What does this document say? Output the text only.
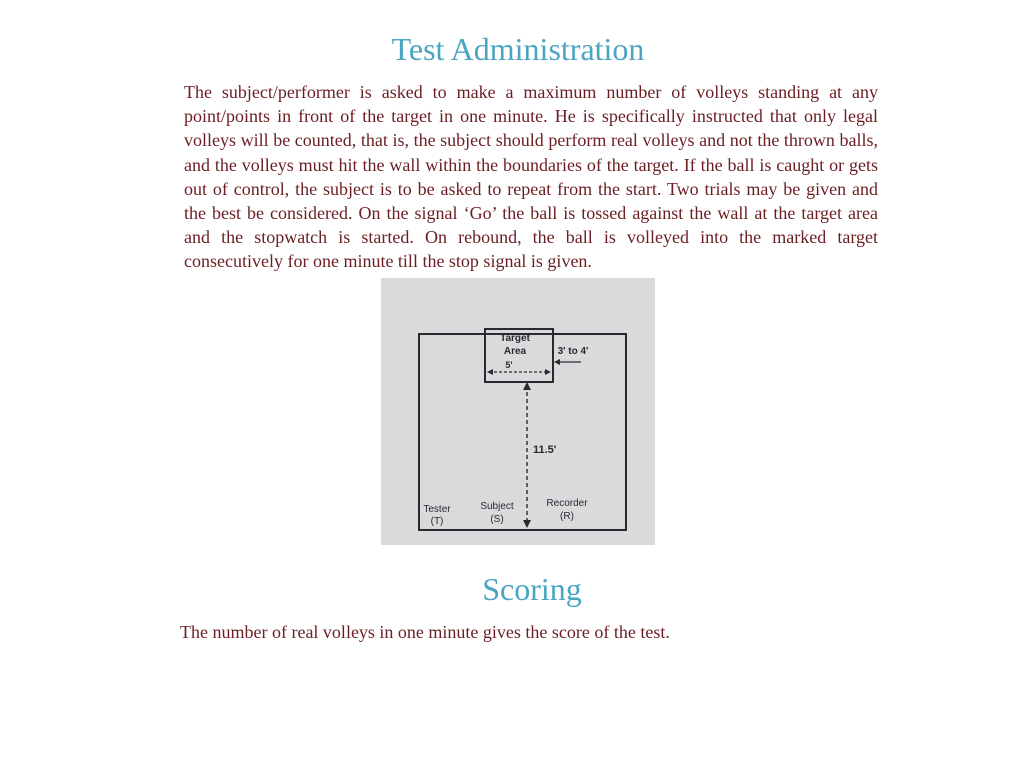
Test Administration

The subject/performer is asked to make a maximum number of volleys standing at any point/points in front of the target in one minute. He is specifically instructed that only legal volleys will be counted, that is, the subject should perform real volleys and not the thrown balls, and the volleys must hit the wall within the boundaries of the target. If the ball is caught or gets out of control, the subject is to be asked to repeat from the start. Two trials may be given and the best be considered. On the signal ‘Go’ the ball is tossed against the wall at the target area and the stopwatch is started. On rebound, the ball is volleyed into the marked target consecutively for one minute till the stop signal is given.

Target
Area
5'
3' to 4'
11.5'
Tester
(T)
Subject
(S)
Recorder
(R)
Scoring

The number of real volleys in one minute gives the score of the test.
